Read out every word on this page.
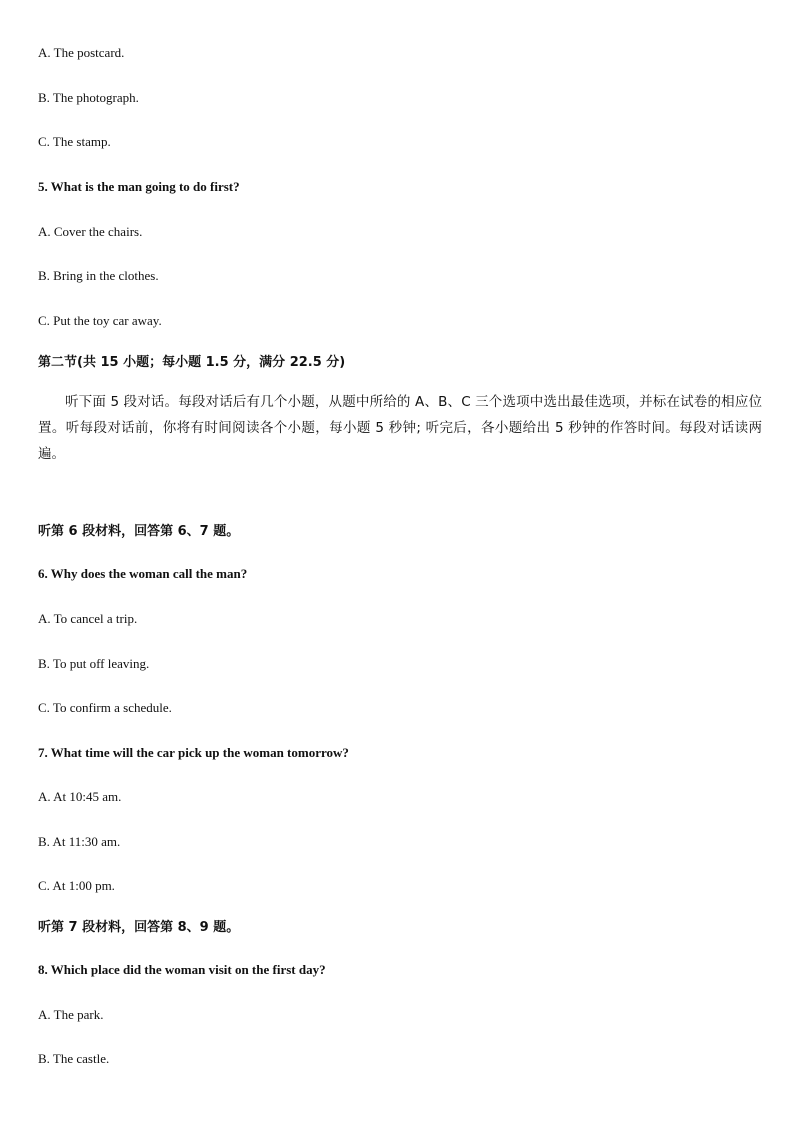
A. The postcard.
B. The photograph.
C. The stamp.
5. What is the man going to do first?
A. Cover the chairs.
B. Bring in the clothes.
C. Put the toy car away.
第二节(共 15 小题；每小题 1.5 分，满分 22.5 分)
听下面 5 段对话。每段对话后有几个小题，从题中所给的 A、B、C 三个选项中选出最佳选项，并标在试卷的相应位置。听每段对话前，你将有时间阅读各个小题，每小题 5 秒钟; 听完后，各小题给出 5 秒钟的作答时间。每段对话读两遍。
听第 6 段材料，回答第 6、7 题。
6. Why does the woman call the man?
A. To cancel a trip.
B. To put off leaving.
C. To confirm a schedule.
7. What time will the car pick up the woman tomorrow?
A. At 10:45 am.
B. At 11:30 am.
C. At 1:00 pm.
听第 7 段材料，回答第 8、9 题。
8. Which place did the woman visit on the first day?
A. The park.
B. The castle.
